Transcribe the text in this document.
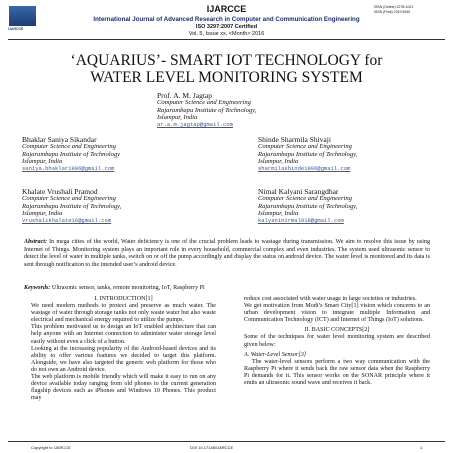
IJARCCE
IJARCCE	ISSN (Online) 2278-1021
ISSN (Print) 2319 5940
International Journal of Advanced Research in Computer and Communication Engineering
ISO 3297:2007 Certified
Vol. 5, Issue xx, <Month> 2016
‘AQUARIUS’- SMART IOT TECHNOLOGY for
WATER LEVEL MONITORING SYSTEM
Prof. A. M. Jagtap
Computer Science and Engineering
Rajarambapu Institute of Technology,
Islampur, India
ar.a.m.jagtap@gmail.com
Bhaklar Saniya Sikandar
Computer Science and Engineering
Rajarambapu Institute of Technology
Islampur, India
saniya.bhaklar1996@gmail.com
Shinde Sharmila Shivaji
Computer Science and Engineering
Rajarambapu Institute of Technology,
Islampur, India
sharmilashinde1996@gmail.com
Khalate Vrushali Pramod
Computer Science and Engineering
Rajarambapu Institute of Technology,
Islampur, India
vrushalikhalate16@gmail.com
Nimal Kalyani Sarangdhar
Computer Science and Engineering
Rajarambapu Institute of Technology,
Islampur, India
kalyaninirmal018@gmail.com
Abstract: In mega cities of the world, Water deficiency is one of the crucial problem leads to wastage during transmission. We aim to resolve this issue by using Internet of Things. Monitoring system plays an important role in every household, commercial complex and even industries. The system used ultrasonic sensor to detect the level of water in multiple tanks, switch on or off the pump accordingly and display the status on android device. The water level is monitored and its data is sent through notification to the intended user’s android device.
Keywords: Ultrasonic sensor, tanks, remote monitoring, IoT, Raspberry Pi

I. INTRODUCTION[1]

We need modern methods to protect and preserve as much water. The wastage of water through storage tanks not only waste water but also waste electrical and mechanical energy required to utilize the pumps.

This problem motivated us to design an IoT enabled architecture that can help anyone with an Internet connection to administer water storage level easily without even a click of a button.

Looking at the increasing popularity of the Android-based devices and its ability to offer various features we decided to target this platform. Alongside, we have also targeted the generic web platform for those who do not own an Android device.

The web platform is mobile friendly which will make it easy to run on any device available today ranging from old phones to the current generation flagship devices such as iPhones and Windows 10 Phones. This product may

reduce cost associated with water usage in large societies or industries.

We get motivation from Modi’s Smart City[1] vision which concerns to an urban development vision to integrate multiple Information and Communication Technology (ICT) and Internet of Things (IoT) solutions.

II. BASIC CONCEPTS[2]

Some of the techniques for water level monitoring system are described given below:

A. Water-Level Sensor[3]

The water-level sensors perform a two way communication with the Raspberry Pi where it sends back the raw sensor data when the Raspberry Pi demands for it. This sensor works on the SONAR principle where it emits an ultrasonic sound wave and receives it back.

Copyright to IJARCCE	DOI 10.17148/IJARCCE	1
